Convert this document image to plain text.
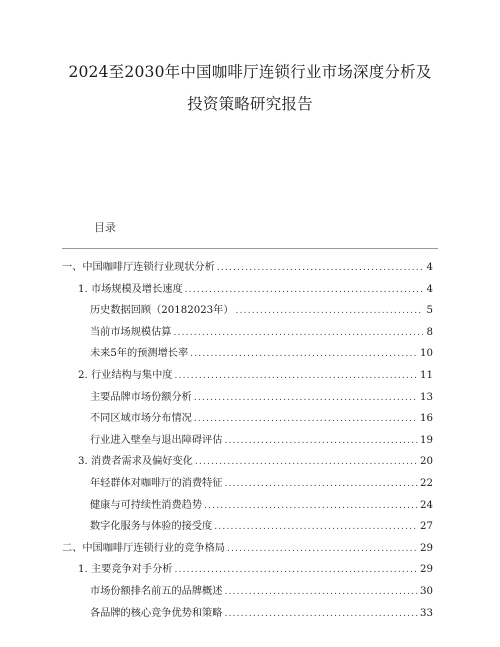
2024至2030年中国咖啡厅连锁行业市场深度分析及
投资策略研究报告
目录
一、中国咖啡厅连锁行业现状分析 .....	4
1. 市场规模及增长速度 .....	4
历史数据回顾（20182023年） .....	5
当前市场规模估算 .....	8
未来5年的预测增长率 .....	10
2. 行业结构与集中度 .....	11
主要品牌市场份额分析 .....	13
不同区域市场分布情况 .....	16
行业进入壁垒与退出障碍评估 .....	19
3. 消费者需求及偏好变化 .....	20
年轻群体对咖啡厅的消费特征 .....	22
健康与可持续性消费趋势 .....	24
数字化服务与体验的接受度 .....	27
二、中国咖啡厅连锁行业的竞争格局 .....	29
1. 主要竞争对手分析 .....	29
市场份额排名前五的品牌概述 .....	30
各品牌的核心竞争优势和策略 .....	33
